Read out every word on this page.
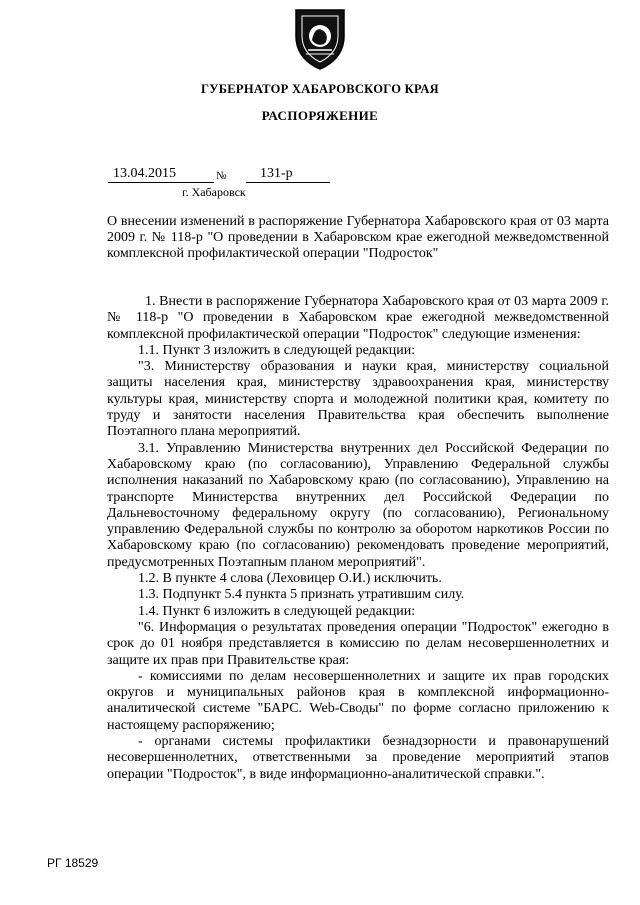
ГУБЕРНАТОР ХАБАРОВСКОГО КРАЯ
РАСПОРЯЖЕНИЕ
13.04.2015	№	131-р
г. Хабаровск
О внесении изменений в распоряжение Губернатора Хабаровского края от 03 марта 2009 г. № 118-р "О проведении в Хабаровском крае ежегодной межведомственной комплексной профилактической операции "Подросток"

1. Внести в распоряжение Губернатора Хабаровского края от 03 марта 2009 г. № 118-р "О проведении в Хабаровском крае ежегодной межведомственной комплексной профилактической операции "Подросток" следующие изменения:

1.1. Пункт 3 изложить в следующей редакции:

"3. Министерству образования и науки края, министерству социальной защиты населения края, министерству здравоохранения края, министерству культуры края, министерству спорта и молодежной политики края, комитету по труду и занятости населения Правительства края обеспечить выполнение Поэтапного плана мероприятий.

3.1. Управлению Министерства внутренних дел Российской Федерации по Хабаровскому краю (по согласованию), Управлению Федеральной службы исполнения наказаний по Хабаровскому краю (по согласованию), Управлению на транспорте Министерства внутренних дел Российской Федерации по Дальневосточному федеральному округу (по согласованию), Региональному управлению Федеральной службы по контролю за оборотом наркотиков России по Хабаровскому краю (по согласованию) рекомендовать проведение мероприятий, предусмотренных Поэтапным планом мероприятий".

1.2. В пункте 4 слова (Леховицер О.И.) исключить.

1.3. Подпункт 5.4 пункта 5 признать утратившим силу.

1.4. Пункт 6 изложить в следующей редакции:

"6. Информация о результатах проведения операции "Подросток" ежегодно в срок до 01 ноября представляется в комиссию по делам несовершеннолетних и защите их прав при Правительстве края:

- комиссиями по делам несовершеннолетних и защите их прав городских округов и муниципальных районов края в комплексной информационно-аналитической системе "БАРС. Web-Своды" по форме согласно приложению к настоящему распоряжению;

- органами системы профилактики безнадзорности и правонарушений несовершеннолетних, ответственными за проведение мероприятий этапов операции "Подросток", в виде информационно-аналитической справки.".

РГ 18529
